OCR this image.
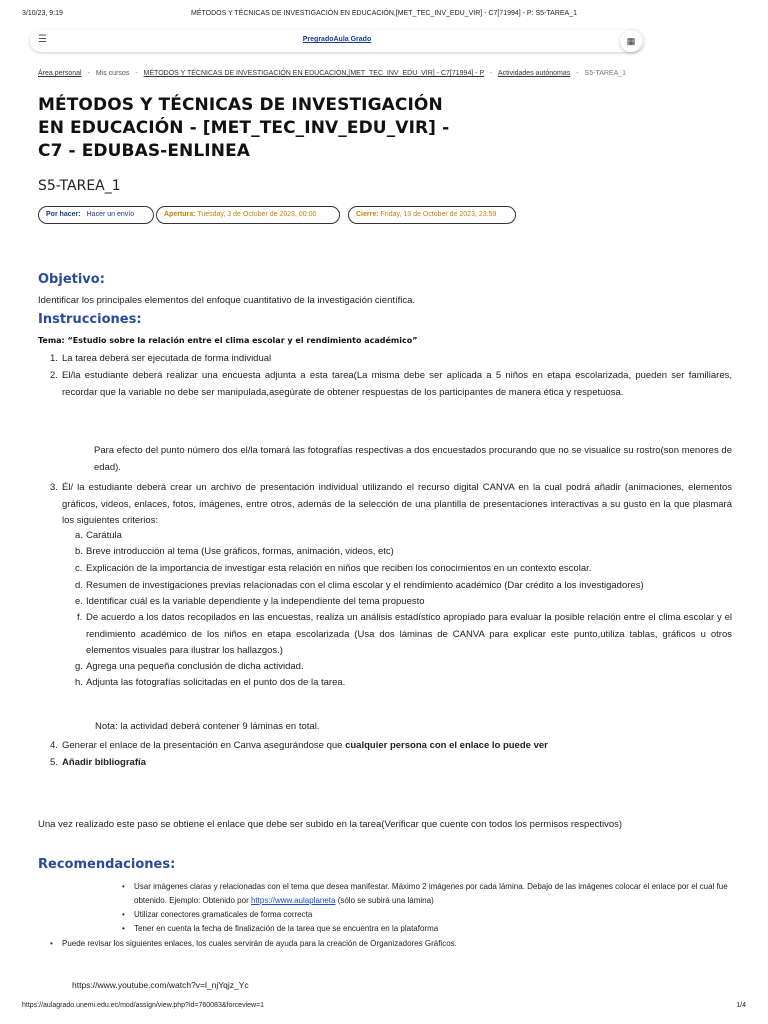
3/10/23, 9:19	MÉTODOS Y TÉCNICAS DE INVESTIGACIÓN EN EDUCACIÓN,[MET_TEC_INV_EDU_VIR] - C7[71994] - P: S5-TAREA_1
☰	PregradoAula Grado	▦
Área personal - Mis cursos - MÉTODOS Y TÉCNICAS DE INVESTIGACIÓN EN EDUCACIÓN,[MET_TEC_INV_EDU_VIR] - C7[71994] - P - Actividades autónomas - S5-TAREA_1
MÉTODOS Y TÉCNICAS DE INVESTIGACIÓN EN EDUCACIÓN - [MET_TEC_INV_EDU_VIR] - C7 - EDUBAS-ENLINEA
S5-TAREA_1
Por hacer: Hacer un envío	Apertura: Tuesday, 3 de October de 2023, 00:00	Cierre: Friday, 13 de October de 2023, 23:59
Objetivo:
Identificar los principales elementos del enfoque cuantitativo de la investigación científica.
Instrucciones:
Tema: “Estudio sobre la relación entre el clima escolar y el rendimiento académico”
1. La tarea deberá ser ejecutada de forma individual
2. El/la estudiante deberá realizar una encuesta adjunta a esta tarea(La misma debe ser aplicada a 5 niños en etapa escolarizada, pueden ser familiares, recordar que la variable no debe ser manipulada,asegúrate de obtener respuestas de los participantes de manera ética y respetuosa.
Para efecto del punto número dos el/la tomará las fotografías respectivas a dos encuestados procurando que no se visualice su rostro(son menores de edad).
3. Él/ la estudiante deberá crear un archivo de presentación individual utilizando el recurso digital CANVA en la cual podrá añadir (animaciones, elementos gráficos, videos, enlaces, fotos, imágenes, entre otros, además de la selección de una plantilla de presentaciones interactivas a su gusto en la que plasmará los siguientes criterios:
a. Carátula
b. Breve introducción al tema (Use gráficos, formas, animación, videos, etc)
c. Explicación de la importancia de investigar esta relación en niños que reciben los conocimientos en un contexto escolar.
d. Resumen de investigaciones previas relacionadas con el clima escolar y el rendimiento académico (Dar crédito a los investigadores)
e. Identificar cuál es la variable dependiente y la independiente del tema propuesto
f. De acuerdo a los datos recopilados en las encuestas, realiza un análisis estadístico apropiado para evaluar la posible relación entre el clima escolar y el rendimiento académico de los niños en etapa escolarizada (Usa dos láminas de CANVA para explicar este punto,utiliza tablas, gráficos u otros elementos visuales para ilustrar los hallazgos.)
g. Agrega una pequeña conclusión de dicha actividad.
h. Adjunta las fotografías solicitadas en el punto dos de la tarea.
Nota: la actividad deberá contener 9 láminas en total.
4. Generar el enlace de la presentación en Canva asegurándose que cualquier persona con el enlace lo puede ver
5. Añadir bibliografía
Una vez realizado este paso se obtiene el enlace que debe ser subido en la tarea(Verificar que cuente con todos los permisos respectivos)
Recomendaciones:
• Usar imágenes claras y relacionadas con el tema que desea manifestar. Máximo 2 imágenes por cada lámina. Debajo de las imágenes colocar el enlace por el cual fue obtenido. Ejemplo: Obtenido por https://www.aulaplaneta (sólo se subirá una lámina)
• Utilizar conectores gramaticales de forma correcta
• Tener en cuenta la fecha de finalización de la tarea que se encuentra en la plataforma
• Puede revisar los siguientes enlaces, los cuales servirán de ayuda para la creación de Organizadores Gráficos.
https://www.youtube.com/watch?v=l_njYqjz_Yc
https://aulagrado.unemi.edu.ec/mod/assign/view.php?id=760083&forceview=1	1/4
